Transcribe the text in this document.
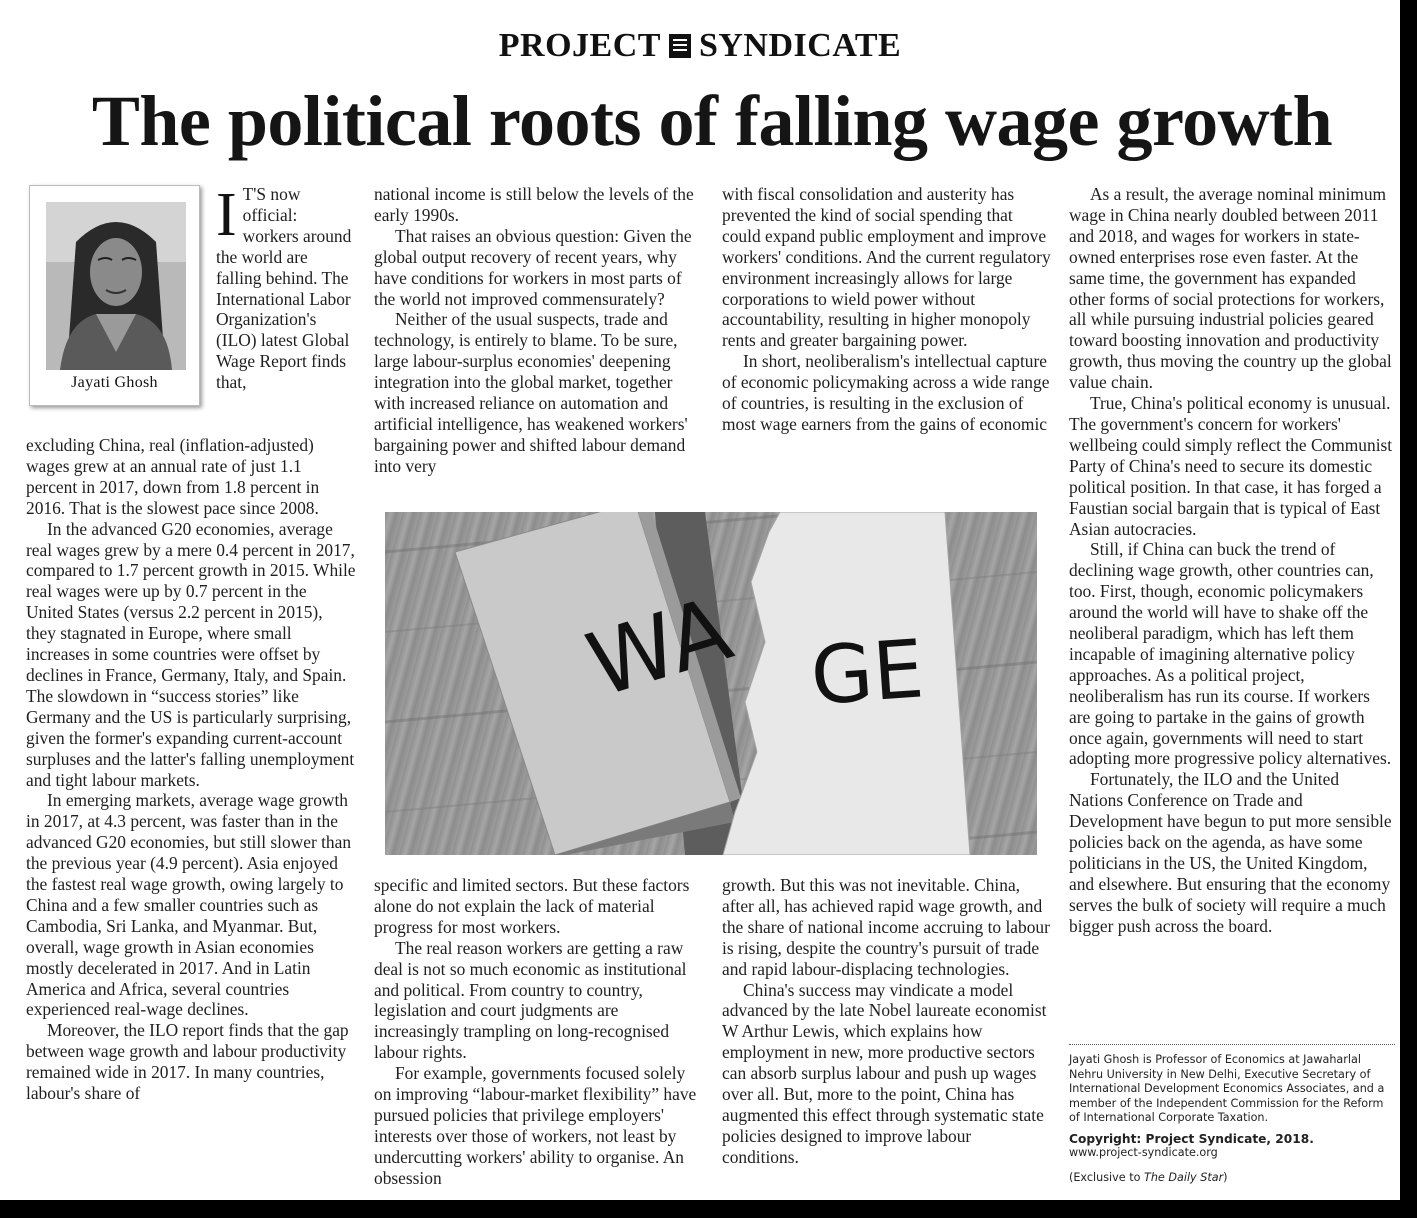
PROJECT SYNDICATE
The political roots of falling wage growth
Jayati Ghosh
I T'S now official: workers around the world are falling behind. The International Labor Organization's (ILO) latest Global Wage Report finds that,

excluding China, real (inflation-adjusted) wages grew at an annual rate of just 1.1 percent in 2017, down from 1.8 percent in 2016. That is the slowest pace since 2008.

In the advanced G20 economies, average real wages grew by a mere 0.4 percent in 2017, compared to 1.7 percent growth in 2015. While real wages were up by 0.7 percent in the United States (versus 2.2 percent in 2015), they stagnated in Europe, where small increases in some countries were offset by declines in France, Germany, Italy, and Spain. The slowdown in “success stories” like Germany and the US is particularly surprising, given the former's expanding current-account surpluses and the latter's falling unemployment and tight labour markets.

In emerging markets, average wage growth in 2017, at 4.3 percent, was faster than in the advanced G20 economies, but still slower than the previous year (4.9 percent). Asia enjoyed the fastest real wage growth, owing largely to China and a few smaller countries such as Cambodia, Sri Lanka, and Myanmar. But, overall, wage growth in Asian economies mostly decelerated in 2017. And in Latin America and Africa, several countries experienced real-wage declines.

Moreover, the ILO report finds that the gap between wage growth and labour productivity remained wide in 2017. In many countries, labour's share of

national income is still below the levels of the early 1990s.

That raises an obvious question: Given the global output recovery of recent years, why have conditions for workers in most parts of the world not improved commensurately?

Neither of the usual suspects, trade and technology, is entirely to blame. To be sure, large labour-surplus economies' deepening integration into the global market, together with increased reliance on automation and artificial intelligence, has weakened workers' bargaining power and shifted labour demand into very

with fiscal consolidation and austerity has prevented the kind of social spending that could expand public employment and improve workers' conditions. And the current regulatory environment increasingly allows for large corporations to wield power without accountability, resulting in higher monopoly rents and greater bargaining power.

In short, neoliberalism's intellectual capture of economic policymaking across a wide range of countries, is resulting in the exclusion of most wage earners from the gains of economic

WA GE

specific and limited sectors. But these factors alone do not explain the lack of material progress for most workers.

The real reason workers are getting a raw deal is not so much economic as institutional and political. From country to country, legislation and court judgments are increasingly trampling on long-recognised labour rights.

For example, governments focused solely on improving “labour-market flexibility” have pursued policies that privilege employers' interests over those of workers, not least by undercutting workers' ability to organise. An obsession

growth. But this was not inevitable. China, after all, has achieved rapid wage growth, and the share of national income accruing to labour is rising, despite the country's pursuit of trade and rapid labour-displacing technologies.

China's success may vindicate a model advanced by the late Nobel laureate economist W Arthur Lewis, which explains how employment in new, more productive sectors can absorb surplus labour and push up wages over all. But, more to the point, China has augmented this effect through systematic state policies designed to improve labour conditions.

As a result, the average nominal minimum wage in China nearly doubled between 2011 and 2018, and wages for workers in state-owned enterprises rose even faster. At the same time, the government has expanded other forms of social protections for workers, all while pursuing industrial policies geared toward boosting innovation and productivity growth, thus moving the country up the global value chain.

True, China's political economy is unusual. The government's concern for workers' wellbeing could simply reflect the Communist Party of China's need to secure its domestic political position. In that case, it has forged a Faustian social bargain that is typical of East Asian autocracies.

Still, if China can buck the trend of declining wage growth, other countries can, too. First, though, economic policymakers around the world will have to shake off the neoliberal paradigm, which has left them incapable of imagining alternative policy approaches. As a political project, neoliberalism has run its course. If workers are going to partake in the gains of growth once again, governments will need to start adopting more progressive policy alternatives.

Fortunately, the ILO and the United Nations Conference on Trade and Development have begun to put more sensible policies back on the agenda, as have some politicians in the US, the United Kingdom, and elsewhere. But ensuring that the economy serves the bulk of society will require a much bigger push across the board.

Jayati Ghosh is Professor of Economics at Jawaharlal Nehru University in New Delhi, Executive Secretary of International Development Economics Associates, and a member of the Independent Commission for the Reform of International Corporate Taxation.
Copyright: Project Syndicate, 2018.
www.project-syndicate.org
(Exclusive to The Daily Star)
